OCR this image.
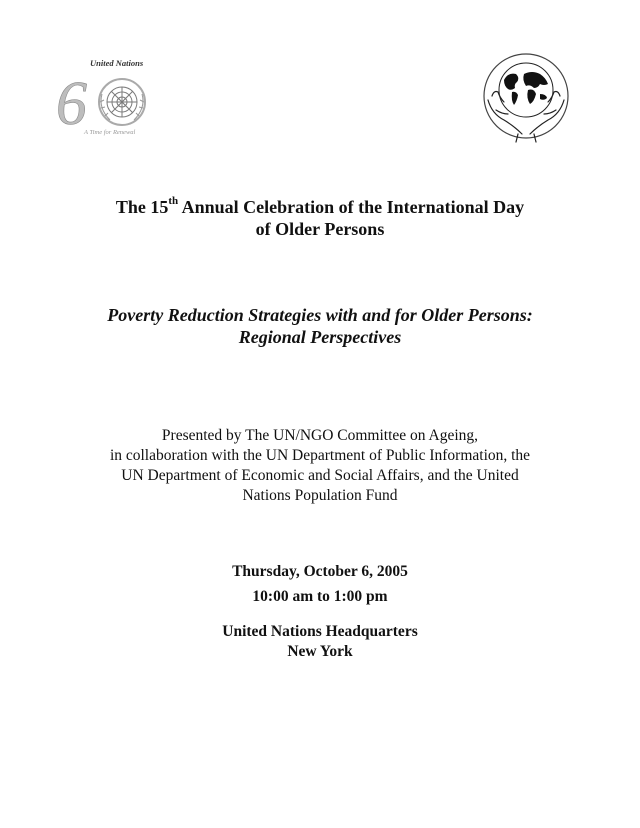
United Nations
6
A Time for Renewal
The 15th Annual Celebration of the International Day
of Older Persons
Poverty Reduction Strategies with and for Older Persons:
Regional Perspectives
Presented by The UN/NGO Committee on Ageing,
in collaboration with the UN Department of Public Information, the
UN Department of Economic and Social Affairs, and the United
Nations Population Fund
Thursday, October 6, 2005
10:00 am to 1:00 pm
United Nations Headquarters
New York
